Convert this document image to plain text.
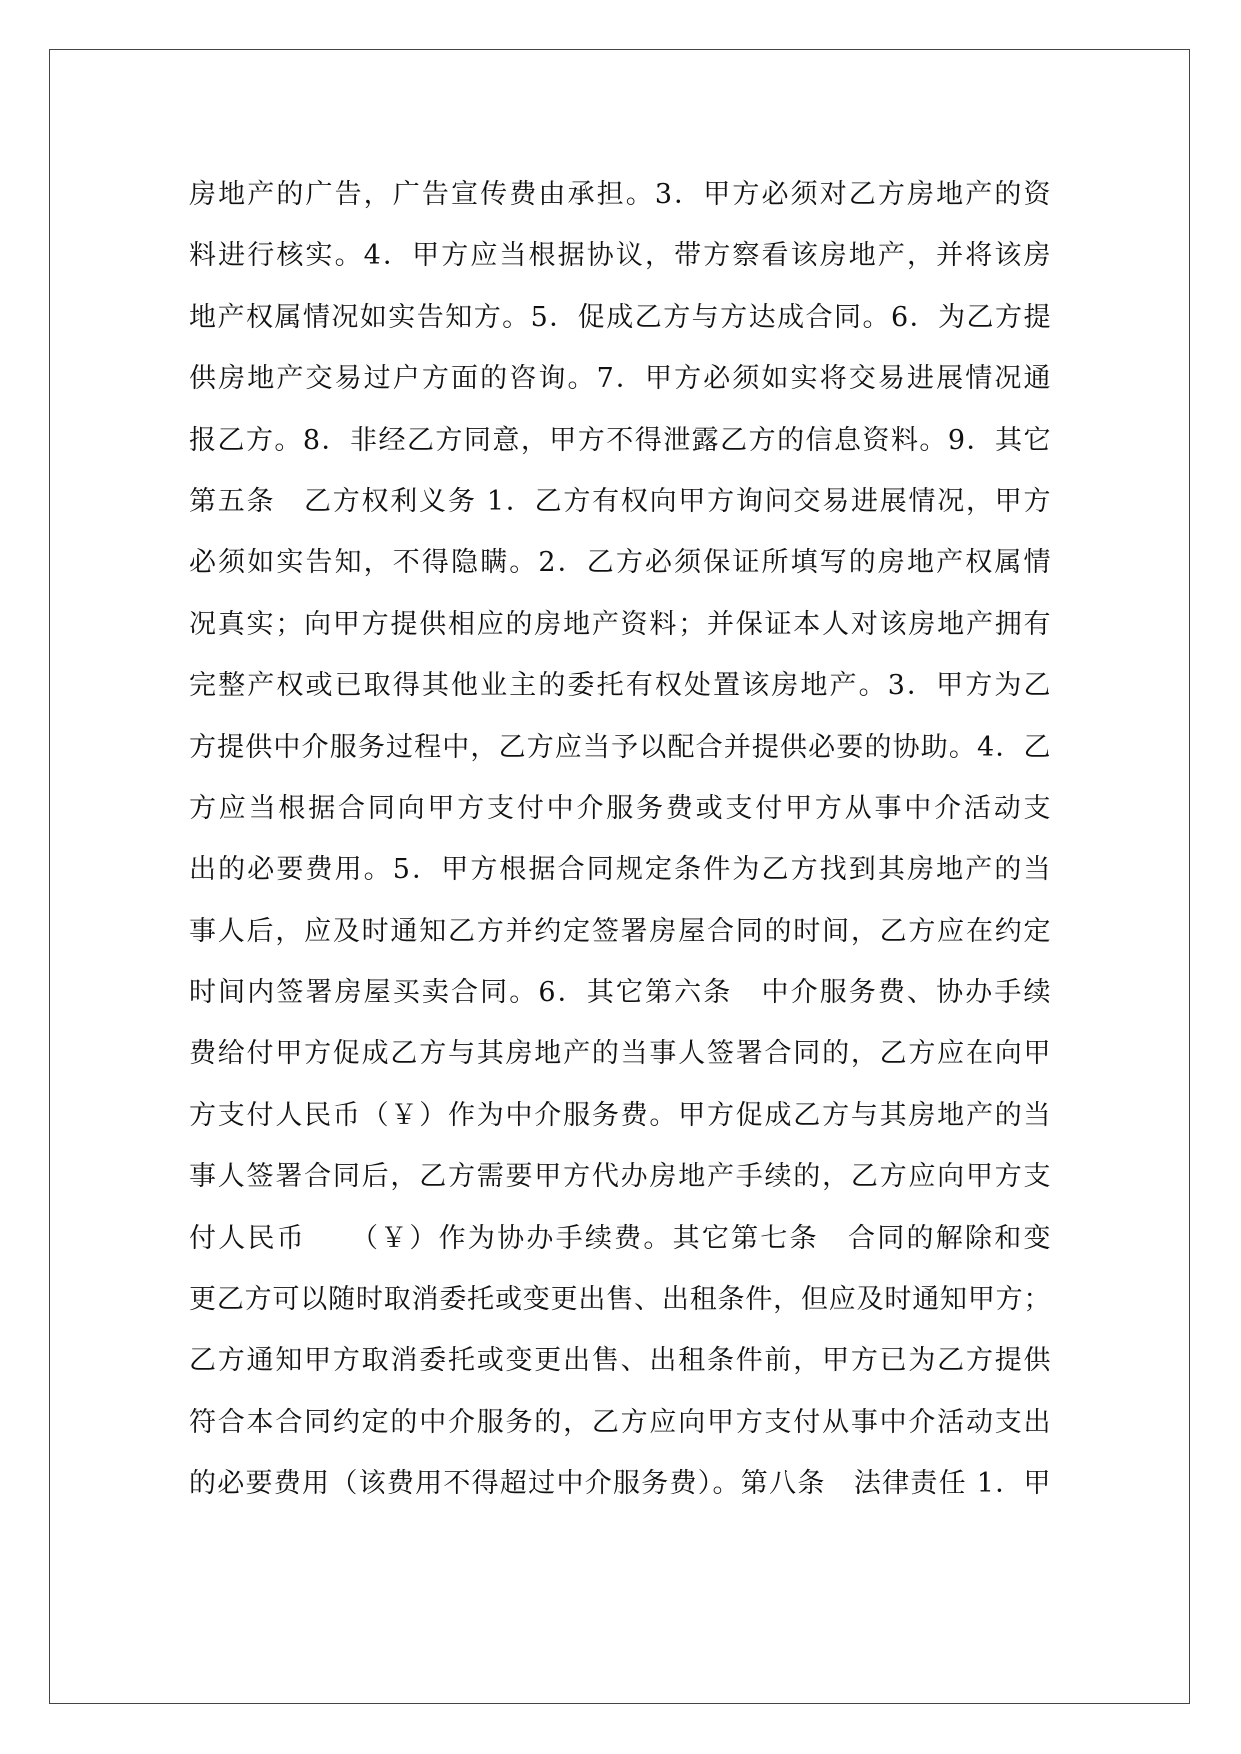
房地产的广告，广告宣传费由承担。3．甲方必须对乙方房地产的资
料进行核实。4．甲方应当根据协议，带方察看该房地产，并将该房
地产权属情况如实告知方。5．促成乙方与方达成合同。6．为乙方提
供房地产交易过户方面的咨询。7．甲方必须如实将交易进展情况通
报乙方。8．非经乙方同意，甲方不得泄露乙方的信息资料。9．其它
第五条　乙方权利义务 1．乙方有权向甲方询问交易进展情况，甲方
必须如实告知，不得隐瞒。2．乙方必须保证所填写的房地产权属情
况真实；向甲方提供相应的房地产资料；并保证本人对该房地产拥有
完整产权或已取得其他业主的委托有权处置该房地产。3．甲方为乙
方提供中介服务过程中，乙方应当予以配合并提供必要的协助。4．乙
方应当根据合同向甲方支付中介服务费或支付甲方从事中介活动支
出的必要费用。5．甲方根据合同规定条件为乙方找到其房地产的当
事人后，应及时通知乙方并约定签署房屋合同的时间，乙方应在约定
时间内签署房屋买卖合同。6．其它第六条　中介服务费、协办手续
费给付甲方促成乙方与其房地产的当事人签署合同的，乙方应在向甲
方支付人民币（￥）作为中介服务费。甲方促成乙方与其房地产的当
事人签署合同后，乙方需要甲方代办房地产手续的，乙方应向甲方支
付人民币　　（￥）作为协办手续费。其它第七条　合同的解除和变
更乙方可以随时取消委托或变更出售、出租条件，但应及时通知甲方；
乙方通知甲方取消委托或变更出售、出租条件前，甲方已为乙方提供
符合本合同约定的中介服务的，乙方应向甲方支付从事中介活动支出
的必要费用（该费用不得超过中介服务费）。第八条　法律责任 1．甲
